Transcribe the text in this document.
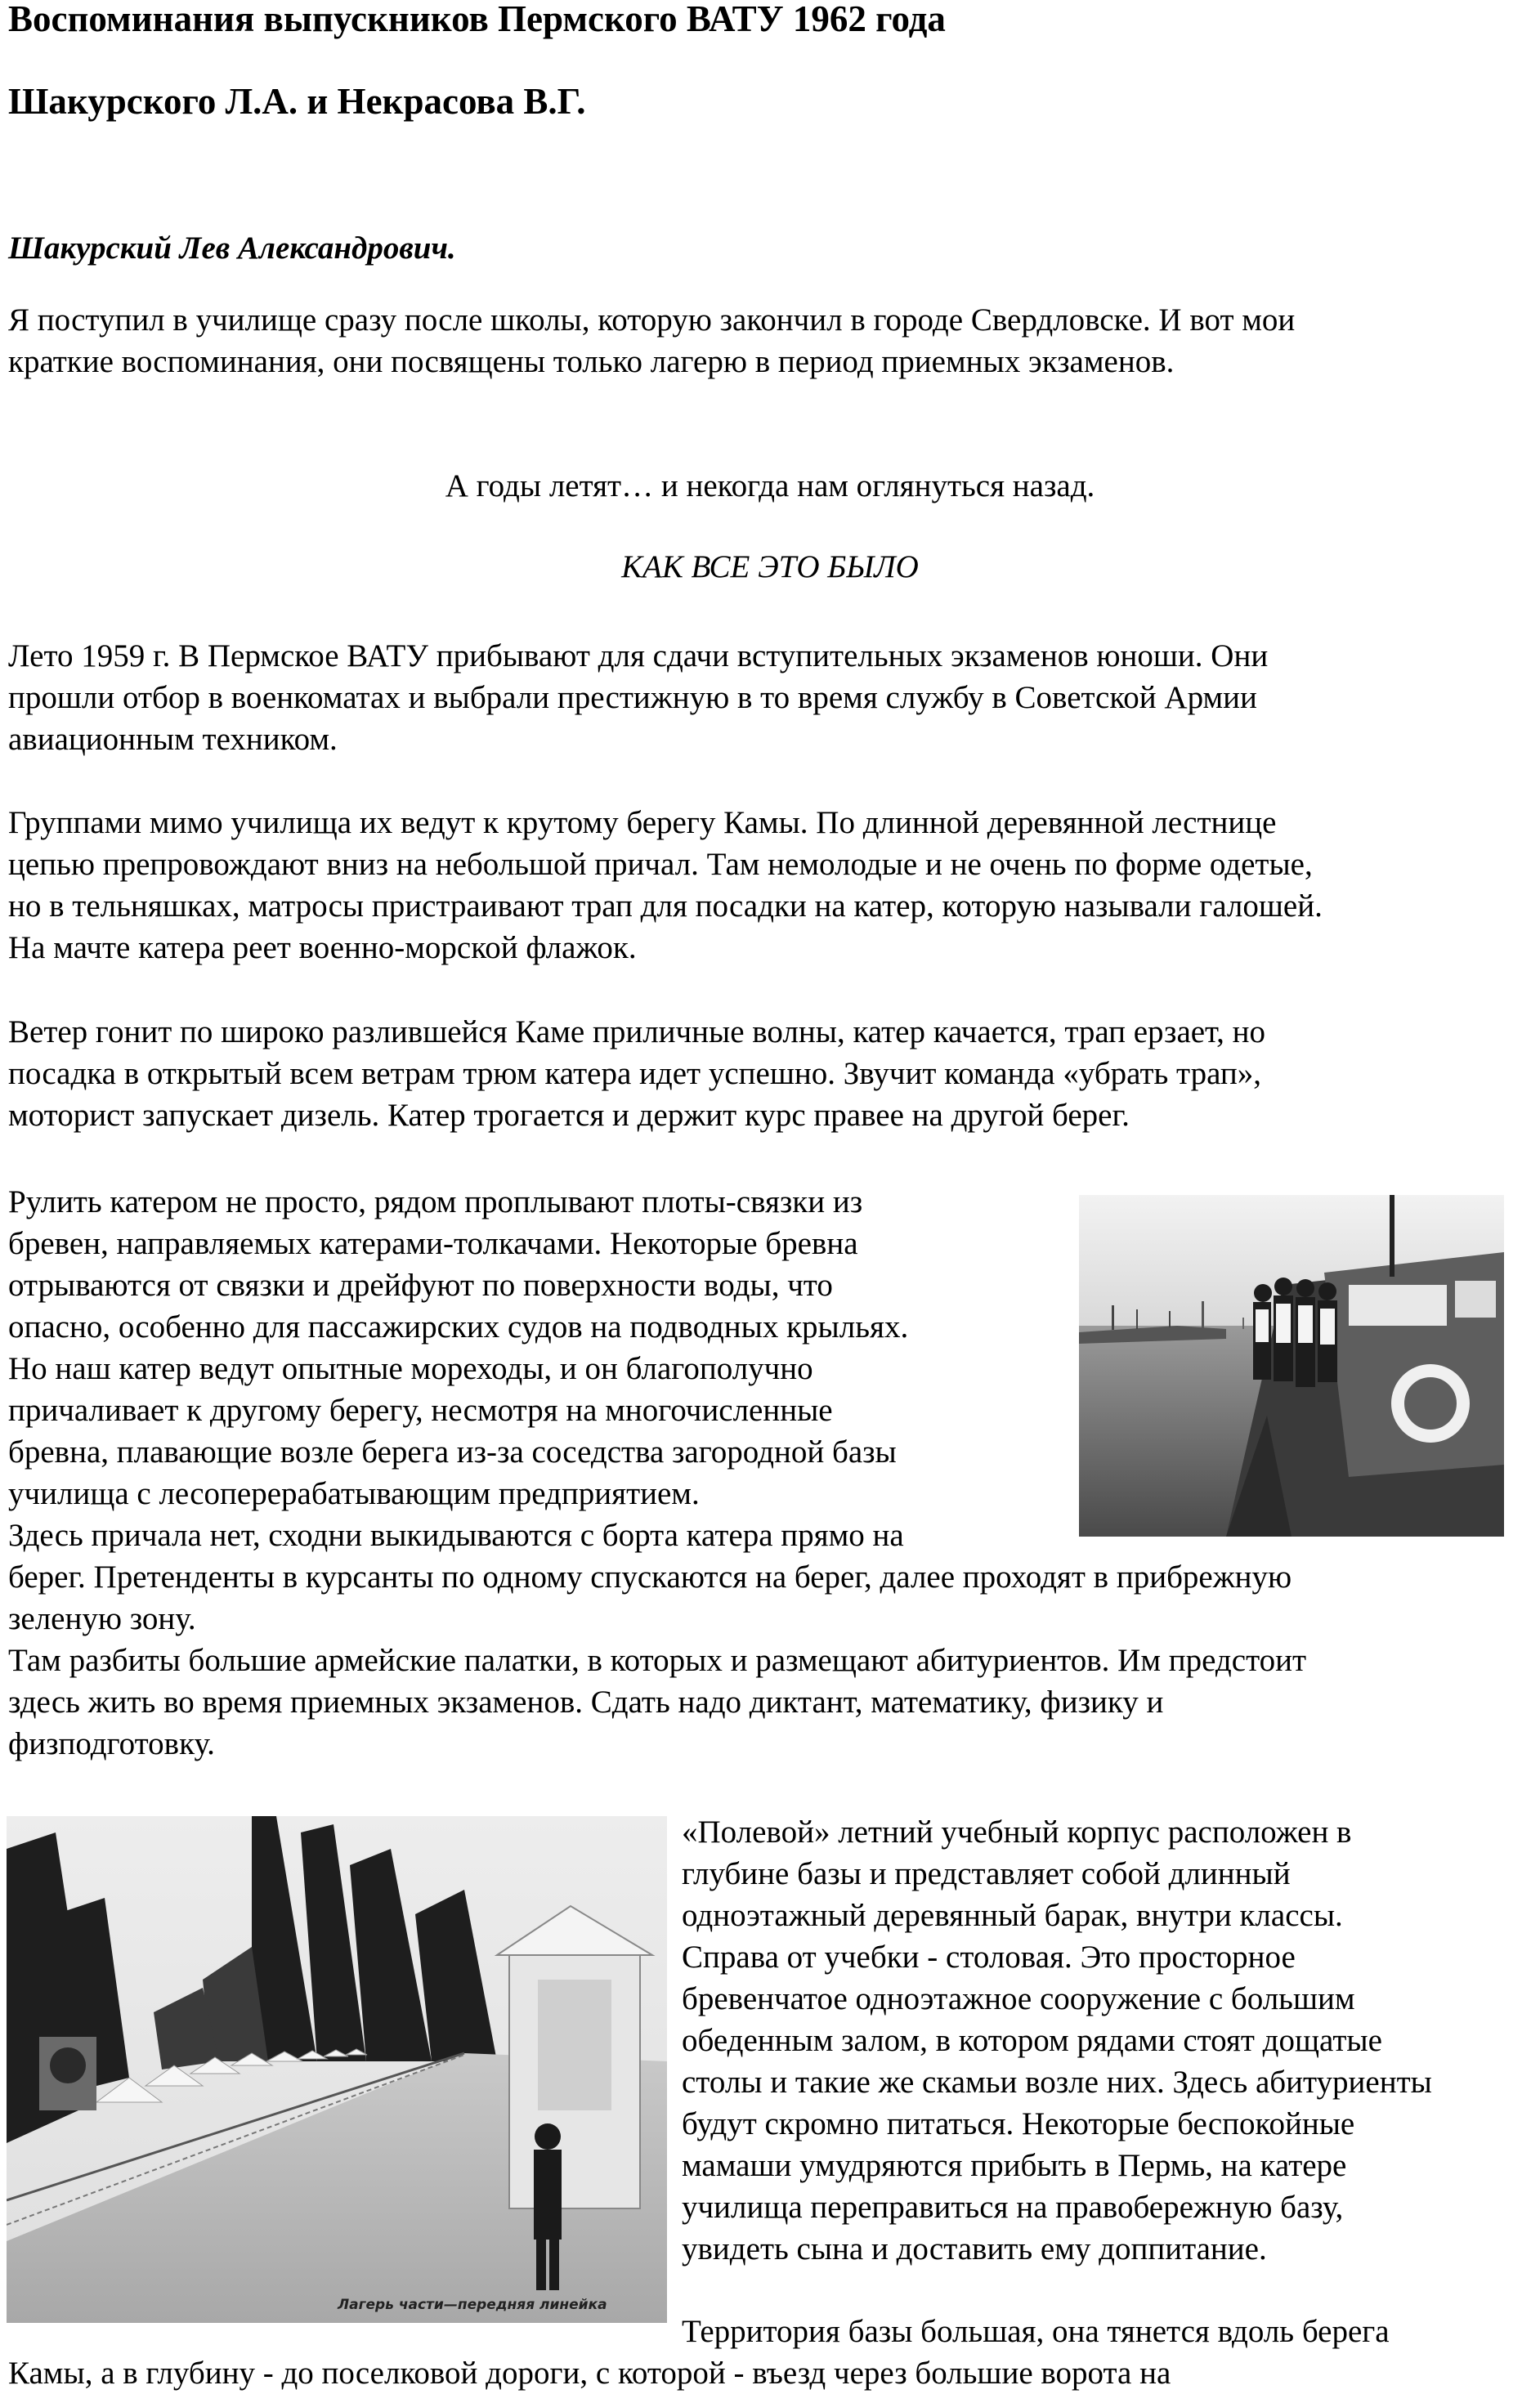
Воспоминания выпускников Пермского ВАТУ 1962 года
Шакурского Л.А. и Некрасова В.Г.
Шакурский Лев Александрович.
Я поступил в училище сразу после школы, которую закончил в городе Свердловске. И вот мои
краткие воспоминания, они посвящены только лагерю в период приемных экзаменов.
А годы летят… и некогда нам оглянуться назад.
КАК ВСЕ ЭТО БЫЛО
Лето 1959 г. В Пермское ВАТУ прибывают для сдачи вступительных экзаменов юноши. Они
прошли отбор в военкоматах и выбрали престижную в то время службу в Советской Армии
авиационным техником.
Группами мимо училища их ведут к крутому берегу Камы. По длинной деревянной лестнице
цепью препровождают вниз на небольшой причал. Там немолодые и не очень по форме одетые,
но в тельняшках, матросы пристраивают трап для посадки на катер, которую называли галошей.
На мачте катера реет военно-морской флажок.
Ветер гонит по широко разлившейся Каме приличные волны, катер качается, трап ерзает, но
посадка в открытый всем ветрам трюм катера идет успешно. Звучит команда «убрать трап»,
моторист запускает дизель. Катер трогается и держит курс правее на другой берег.
Рулить катером не просто, рядом проплывают плоты-связки из
бревен, направляемых катерами-толкачами. Некоторые бревна
отрываются от связки и дрейфуют по поверхности воды, что
опасно, особенно для пассажирских судов на подводных крыльях.
Но наш катер ведут опытные мореходы, и он благополучно
причаливает к другому берегу, несмотря на многочисленные
бревна, плавающие возле берега из-за соседства загородной базы
училища с лесоперерабатывающим предприятием.
Здесь причала нет, сходни выкидываются с борта катера прямо на
берег. Претенденты в курсанты по одному спускаются на берег, далее проходят в прибрежную
зеленую зону.
Там разбиты большие армейские палатки, в которых и размещают абитуриентов. Им предстоит
здесь жить во время приемных экзаменов. Сдать надо диктант, математику, физику и
физподготовку.
Лагерь части—передняя линейка
«Полевой» летний учебный корпус расположен в
глубине базы и представляет собой длинный
одноэтажный деревянный барак, внутри классы.
Справа от учебки - столовая. Это просторное
бревенчатое одноэтажное сооружение с большим
обеденным залом, в котором рядами стоят дощатые
столы и такие же скамьи возле них. Здесь абитуриенты
будут скромно питаться. Некоторые беспокойные
мамаши умудряются прибыть в Пермь, на катере
училища переправиться на правобережную базу,
увидеть сына и доставить ему доппитание.
Территория базы большая, она тянется вдоль берега
Камы, а в глубину - до поселковой дороги, с которой - въезд через большие ворота на
